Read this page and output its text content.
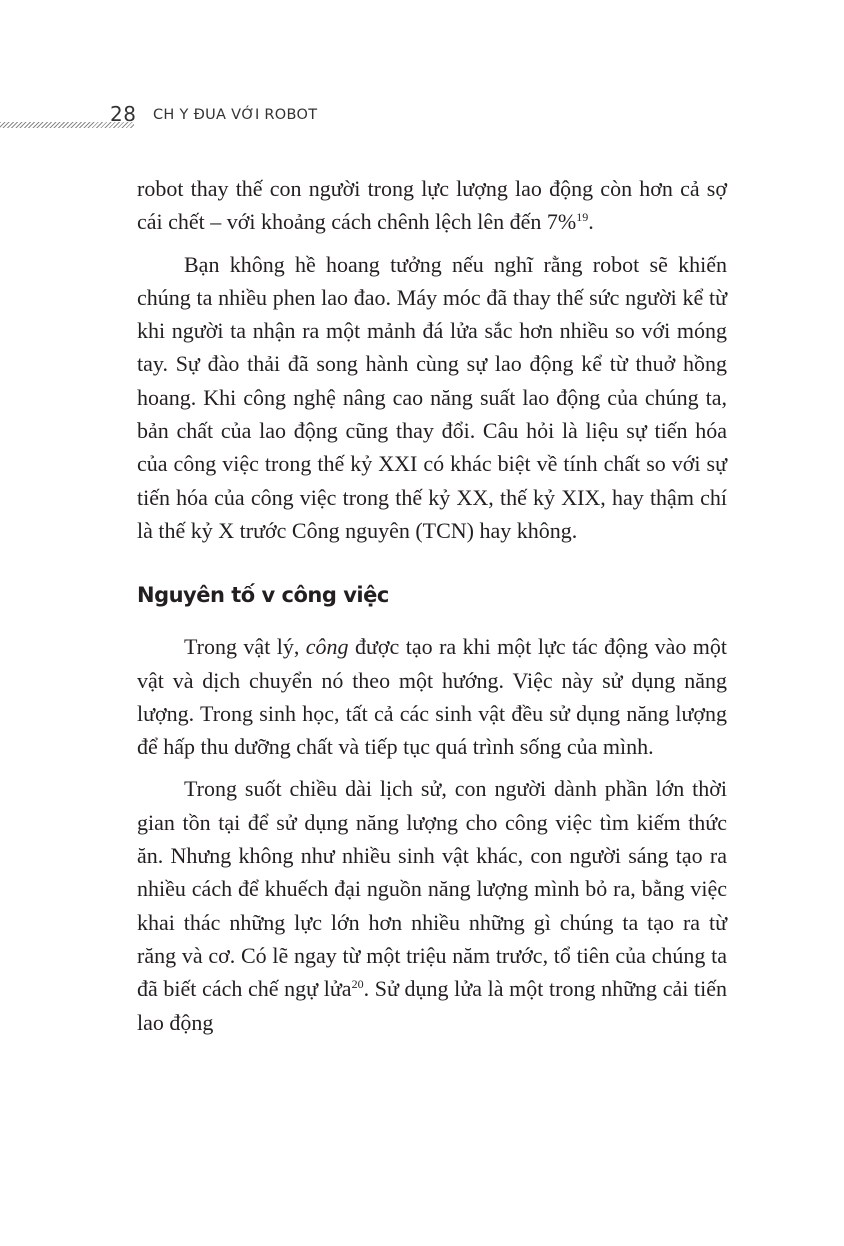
28 CH Y ĐUA VỚI ROBOT

robot thay thế con người trong lực lượng lao động còn hơn cả sợ cái chết – với khoảng cách chênh lệch lên đến 7%$^{19}$.

Bạn không hề hoang tưởng nếu nghĩ rằng robot sẽ khiến chúng ta nhiều phen lao đao. Máy móc đã thay thế sức người kể từ khi người ta nhận ra một mảnh đá lửa sắc hơn nhiều so với móng tay. Sự đào thải đã song hành cùng sự lao động kể từ thuở hồng hoang. Khi công nghệ nâng cao năng suất lao động của chúng ta, bản chất của lao động cũng thay đổi. Câu hỏi là liệu sự tiến hóa của công việc trong thế kỷ XXI có khác biệt về tính chất so với sự tiến hóa của công việc trong thế kỷ XX, thế kỷ XIX, hay thậm chí là thế kỷ X trước Công nguyên (TCN) hay không.

Nguyên tố v công việc

Trong vật lý, công được tạo ra khi một lực tác động vào một vật và dịch chuyển nó theo một hướng. Việc này sử dụng năng lượng. Trong sinh học, tất cả các sinh vật đều sử dụng năng lượng để hấp thu dưỡng chất và tiếp tục quá trình sống của mình.

Trong suốt chiều dài lịch sử, con người dành phần lớn thời gian tồn tại để sử dụng năng lượng cho công việc tìm kiếm thức ăn. Nhưng không như nhiều sinh vật khác, con người sáng tạo ra nhiều cách để khuếch đại nguồn năng lượng mình bỏ ra, bằng việc khai thác những lực lớn hơn nhiều những gì chúng ta tạo ra từ răng và cơ. Có lẽ ngay từ một triệu năm trước, tổ tiên của chúng ta đã biết cách chế ngự lửa$^{20}$. Sử dụng lửa là một trong những cải tiến lao động
